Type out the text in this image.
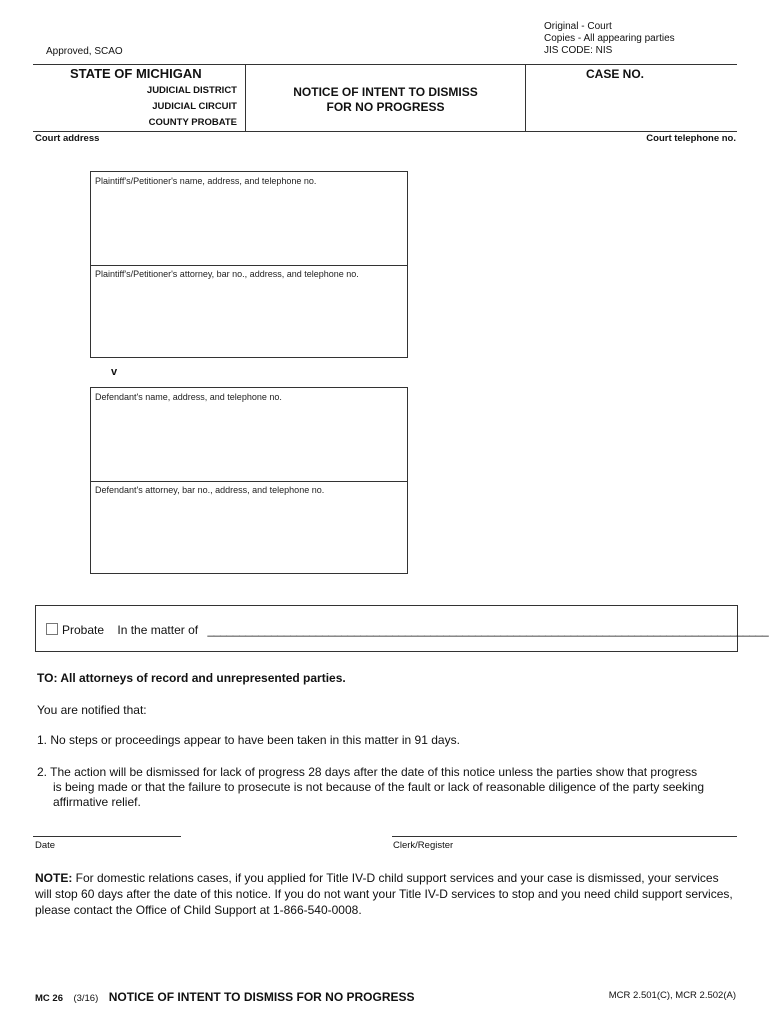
Original - Court
Copies - All appearing parties
JIS CODE: NIS
Approved, SCAO
STATE OF MICHIGAN
JUDICIAL DISTRICT
JUDICIAL CIRCUIT
COUNTY PROBATE
NOTICE OF INTENT TO DISMISS
FOR NO PROGRESS
CASE NO.
Court address	Court telephone no.
Plaintiff's/Petitioner's name, address, and telephone no.
Plaintiff's/Petitioner's attorney, bar no., address, and telephone no.
v
Defendant's name, address, and telephone no.
Defendant's attorney, bar no., address, and telephone no.
Probate In the matter of ________________________________________________________________________________________
TO: All attorneys of record and unrepresented parties.
You are notified that:
1. No steps or proceedings appear to have been taken in this matter in 91 days.
2. The action will be dismissed for lack of progress 28 days after the date of this notice unless the parties show that progress
is being made or that the failure to prosecute is not because of the fault or lack of reasonable diligence of the party seeking
affirmative relief.
Date	Clerk/Register
NOTE: For domestic relations cases, if you applied for Title IV-D child support services and your case is dismissed, your services
will stop 60 days after the date of this notice. If you do not want your Title IV-D services to stop and you need child support services,
please contact the Office of Child Support at 1-866-540-0008.
MC 26 (3/16) NOTICE OF INTENT TO DISMISS FOR NO PROGRESS	MCR 2.501(C), MCR 2.502(A)
